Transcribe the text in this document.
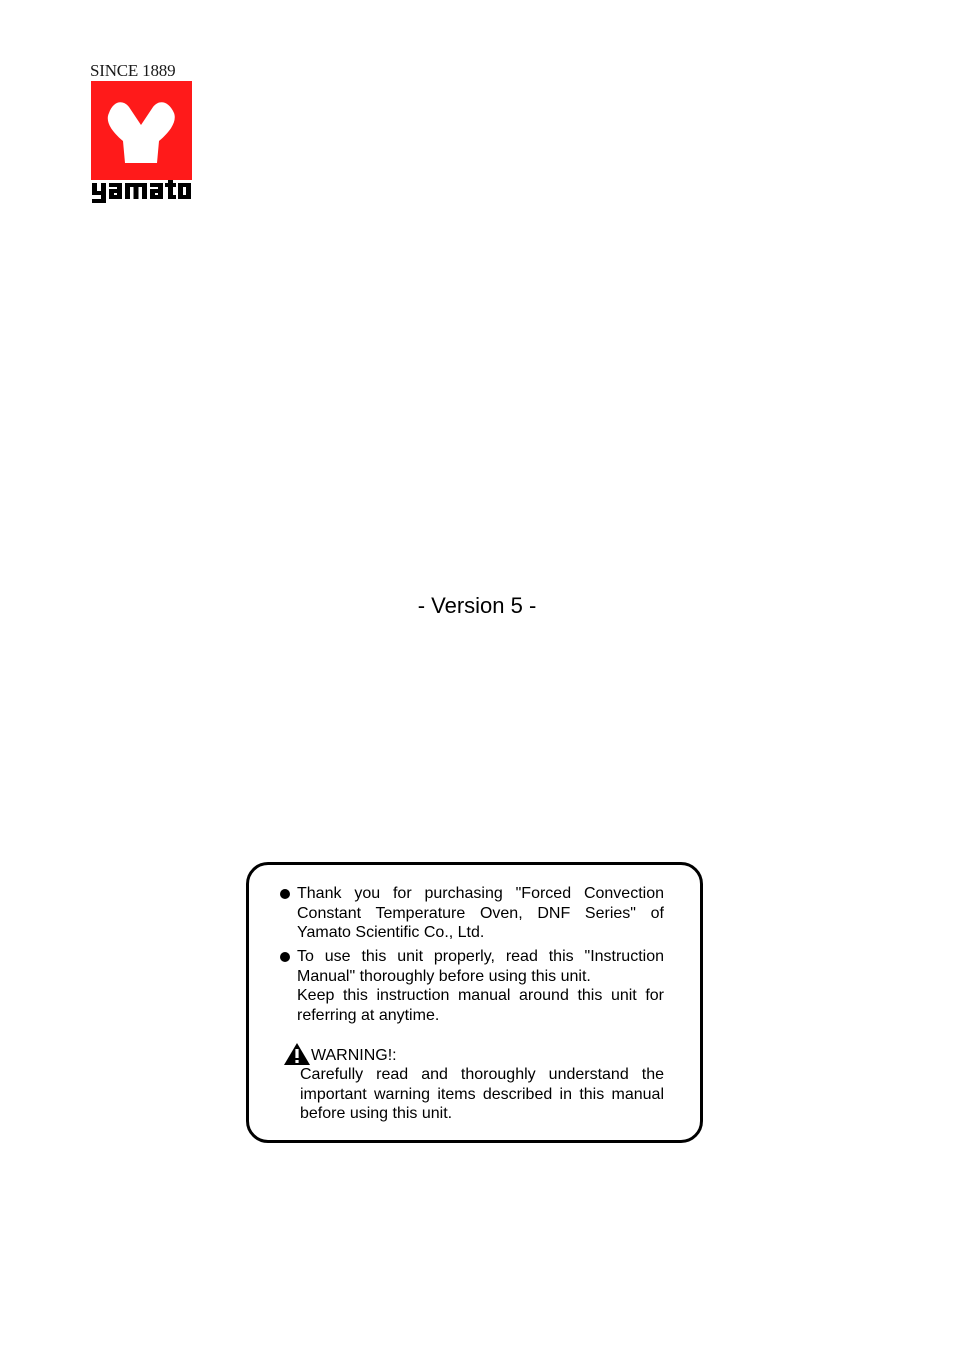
SINCE 1889
- Version 5 -

Thank you for purchasing "Forced Convection Constant Temperature Oven, DNF Series" of Yamato Scientific Co., Ltd.

To use this unit properly, read this "Instruction Manual" thoroughly before using this unit.

Keep this instruction manual around this unit for referring at anytime.

WARNING!:

Carefully read and thoroughly understand the important warning items described in this manual before using this unit.
